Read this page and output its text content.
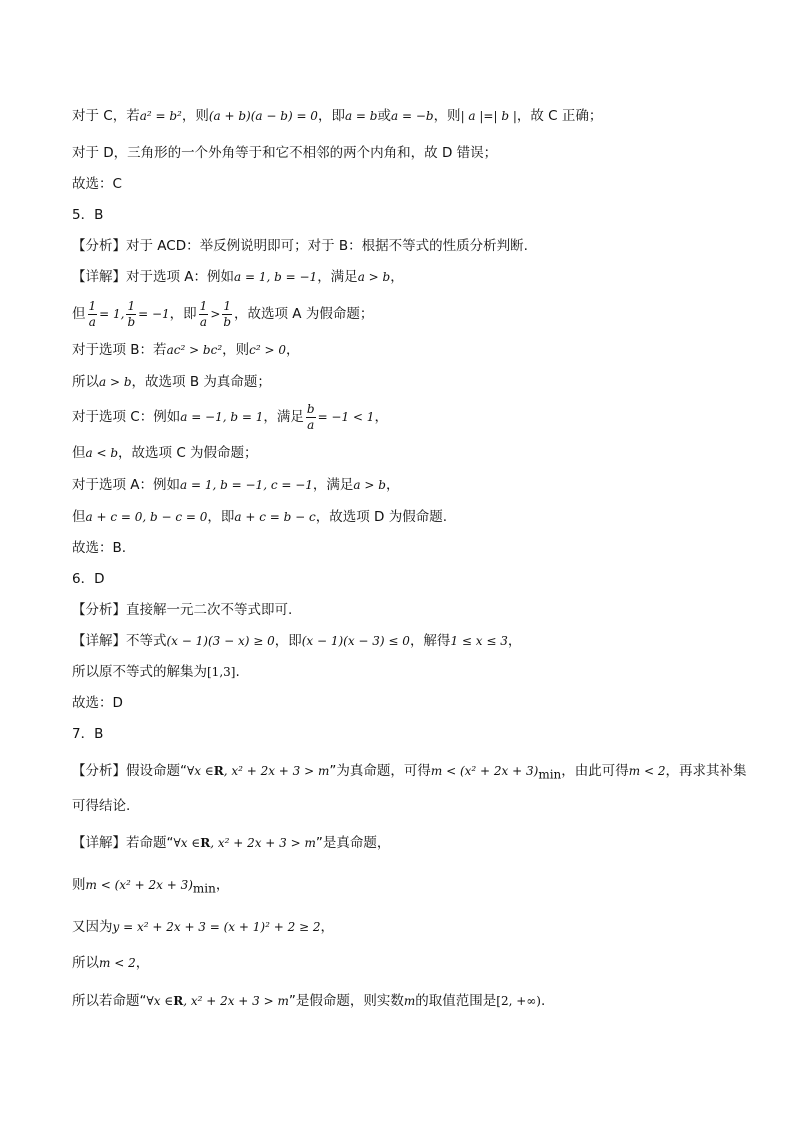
对于 C，若a² = b²，则(a + b)(a − b) = 0，即a = b或a = −b，则| a |=| b |，故 C 正确；
对于 D，三角形的一个外角等于和它不相邻的两个内角和，故 D 错误；
故选：C
5．B
【分析】对于 ACD：举反例说明即可；对于 B：根据不等式的性质分析判断.
【详解】对于选项 A：例如a = 1, b = −1，满足a > b，
但 $\frac{1}{a} = 1$, $\frac{1}{b} = -1$，即 $\frac{1}{a} > \frac{1}{b}$ ，故选项 A 为假命题；
对于选项 B：若ac² > bc²，则c² > 0，
所以a > b，故选项 B 为真命题；
对于选项 C：例如a = −1, b = 1，满足 $\frac{b}{a} = -1 < 1$，
但a < b，故选项 C 为假命题；
对于选项 A：例如a = 1, b = −1, c = −1，满足a > b，
但a + c = 0, b − c = 0，即a + c = b − c，故选项 D 为假命题.
故选：B.
6．D
【分析】直接解一元二次不等式即可.
【详解】不等式(x − 1)(3 − x) ≥ 0，即(x − 1)(x − 3) ≤ 0，解得1 ≤ x ≤ 3，
所以原不等式的解集为[1,3].
故选：D
7．B
【分析】假设命题“∀x ∈R, x² + 2x + 3 > m”为真命题，可得$m < (x^2 + 2x + 3)_{min}$，由此可得m < 2，再求其补集
可得结论.
【详解】若命题“∀x ∈R, x² + 2x + 3 > m”是真命题，
则$m < (x^2 + 2x + 3)_{min}$，
又因为y = x² + 2x + 3 = (x + 1)² + 2 ≥ 2，
所以m < 2，
所以若命题“∀x ∈R, x² + 2x + 3 > m”是假命题，则实数m的取值范围是[2, +∞).
